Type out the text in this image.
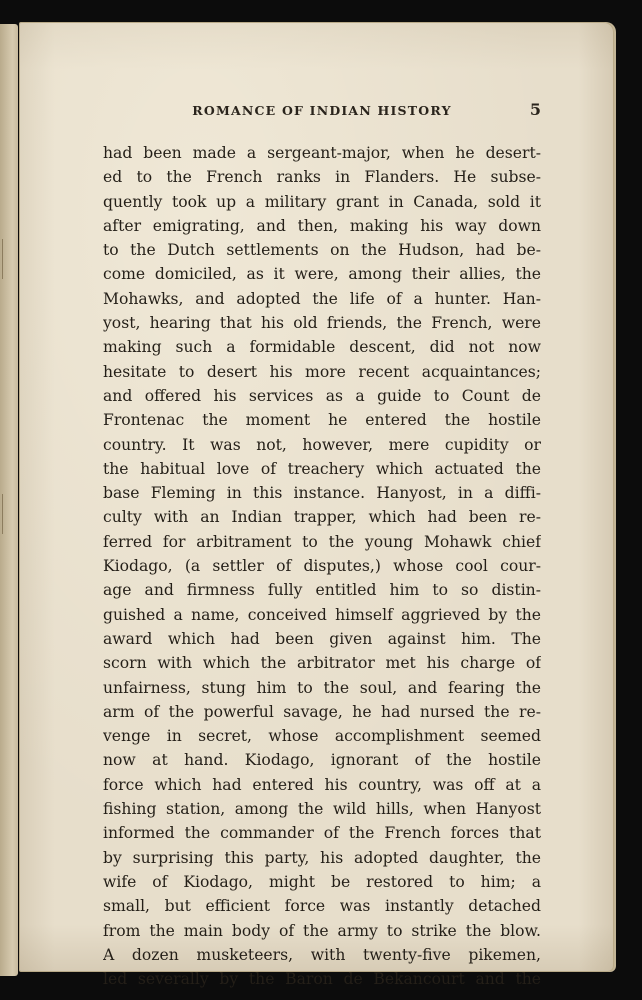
ROMANCE OF INDIAN HISTORY	5

had been made a sergeant-major, when he desert-
ed to the French ranks in Flanders. He subse-
quently took up a military grant in Canada, sold it
after emigrating, and then, making his way down
to the Dutch settlements on the Hudson, had be-
come domiciled, as it were, among their allies, the
Mohawks, and adopted the life of a hunter. Han-
yost, hearing that his old friends, the French, were
making such a formidable descent, did not now
hesitate to desert his more recent acquaintances;
and offered his services as a guide to Count de
Frontenac the moment he entered the hostile
country. It was not, however, mere cupidity or
the habitual love of treachery which actuated the
base Fleming in this instance. Hanyost, in a diffi-
culty with an Indian trapper, which had been re-
ferred for arbitrament to the young Mohawk chief
Kiodago, (a settler of disputes,) whose cool cour-
age and firmness fully entitled him to so distin-
guished a name, conceived himself aggrieved by the
award which had been given against him. The
scorn with which the arbitrator met his charge of
unfairness, stung him to the soul, and fearing the
arm of the powerful savage, he had nursed the re-
venge in secret, whose accomplishment seemed
now at hand. Kiodago, ignorant of the hostile
force which had entered his country, was off at a
fishing station, among the wild hills, when Hanyost
informed the commander of the French forces that
by surprising this party, his adopted daughter, the
wife of Kiodago, might be restored to him; a
small, but efficient force was instantly detached
from the main body of the army to strike the blow.
A dozen musketeers, with twenty-five pikemen,
led severally by the Baron de Bekancourt and the
